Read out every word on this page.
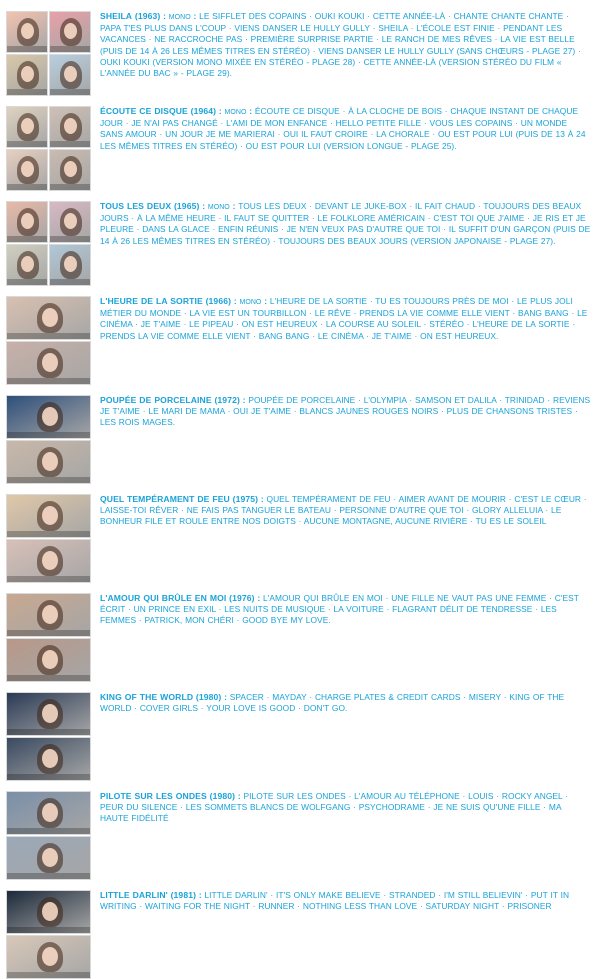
SHEILA (1963) : MONO : LE SIFFLET DES COPAINS · OUKI KOUKI · CETTE ANNÉE-LÀ · CHANTE CHANTE CHANTE · PAPA T'ES PLUS DANS L'COUP · VIENS DANSER LE HULLY GULLY · SHEILA · L'ÉCOLE EST FINIE · PENDANT LES VACANCES · NE RACCROCHE PAS · PREMIÈRE SURPRISE PARTIE · LE RANCH DE MES RÊVES · LA VIE EST BELLE (PUIS DE 14 À 26 LES MÊMES TITRES EN STÉRÉO) · VIENS DANSER LE HULLY GULLY (SANS CHŒURS - PLAGE 27) · OUKI KOUKI (VERSION MONO MIXÉE EN STÉRÉO - PLAGE 28) · CETTE ANNÉE-LÀ (VERSION STÉRÉO DU FILM « L'ANNÉE DU BAC » - PLAGE 29).
ÉCOUTE CE DISQUE (1964) : MONO : ÉCOUTE CE DISQUE · À LA CLOCHE DE BOIS · CHAQUE INSTANT DE CHAQUE JOUR · JE N'AI PAS CHANGÉ · L'AMI DE MON ENFANCE · HELLO PETITE FILLE · VOUS LES COPAINS · UN MONDE SANS AMOUR · UN JOUR JE ME MARIERAI · OUI IL FAUT CROIRE · LA CHORALE · OU EST POUR LUI (PUIS DE 13 À 24 LES MÊMES TITRES EN STÉRÉO) · OU EST POUR LUI (VERSION LONGUE - PLAGE 25).
TOUS LES DEUX (1965) : MONO : TOUS LES DEUX · DEVANT LE JUKE-BOX · IL FAIT CHAUD · TOUJOURS DES BEAUX JOURS · À LA MÊME HEURE · IL FAUT SE QUITTER · LE FOLKLORE AMÉRICAIN · C'EST TOI QUE J'AIME · JE RIS ET JE PLEURE · DANS LA GLACE · ENFIN RÉUNIS · JE N'EN VEUX PAS D'AUTRE QUE TOI · IL SUFFIT D'UN GARÇON (PUIS DE 14 À 26 LES MÊMES TITRES EN STÉRÉO) · TOUJOURS DES BEAUX JOURS (VERSION JAPONAISE - PLAGE 27).
L'HEURE DE LA SORTIE (1966) : MONO : L'HEURE DE LA SORTIE · TU ES TOUJOURS PRÈS DE MOI · LE PLUS JOLI MÉTIER DU MONDE · LA VIE EST UN TOURBILLON · LE RÊVE · PRENDS LA VIE COMME ELLE VIENT · BANG BANG · LE CINÉMA · JE T'AIME · LE PIPEAU · ON EST HEUREUX · LA COURSE AU SOLEIL · STÉRÉO · L'HEURE DE LA SORTIE · PRENDS LA VIE COMME ELLE VIENT · BANG BANG · LE CINÉMA · JE T'AIME · ON EST HEUREUX.
POUPÉE DE PORCELAINE (1972) : POUPÉE DE PORCELAINE · L'OLYMPIA · SAMSON ET DALILA · TRINIDAD · REVIENS JE T'AIME · LE MARI DE MAMA · OUI JE T'AIME · BLANCS JAUNES ROUGES NOIRS · PLUS DE CHANSONS TRISTES · LES ROIS MAGES.
QUEL TEMPÉRAMENT DE FEU (1975) : QUEL TEMPÉRAMENT DE FEU · AIMER AVANT DE MOURIR · C'EST LE CŒUR · LAISSE-TOI RÊVER · NE FAIS PAS TANGUER LE BATEAU · PERSONNE D'AUTRE QUE TOI · GLORY ALLELUIA · LE BONHEUR FILE ET ROULE ENTRE NOS DOIGTS · AUCUNE MONTAGNE, AUCUNE RIVIÈRE · TU ES LE SOLEIL
L'AMOUR QUI BRÛLE EN MOI (1976) : L'AMOUR QUI BRÛLE EN MOI · UNE FILLE NE VAUT PAS UNE FEMME · C'EST ÉCRIT · UN PRINCE EN EXIL · LES NUITS DE MUSIQUE · LA VOITURE · FLAGRANT DÉLIT DE TENDRESSE · LES FEMMES · PATRICK, MON CHÉRI · GOOD BYE MY LOVE.
KING OF THE WORLD (1980) : SPACER · MAYDAY · CHARGE PLATES & CREDIT CARDS · MISERY · KING OF THE WORLD · COVER GIRLS · YOUR LOVE IS GOOD · DON'T GO.
PILOTE SUR LES ONDES (1980) : PILOTE SUR LES ONDES · L'AMOUR AU TÉLÉPHONE · LOUIS · ROCKY ANGEL · PEUR DU SILENCE · LES SOMMETS BLANCS DE WOLFGANG · PSYCHODRAME · JE NE SUIS QU'UNE FILLE · MA HAUTE FIDÉLITÉ
LITTLE DARLIN' (1981) : LITTLE DARLIN' · IT'S ONLY MAKE BELIEVE · STRANDED · I'M STILL BELIEVIN' · PUT IT IN WRITING · WAITING FOR THE NIGHT · RUNNER · NOTHING LESS THAN LOVE · SATURDAY NIGHT · PRISONER
